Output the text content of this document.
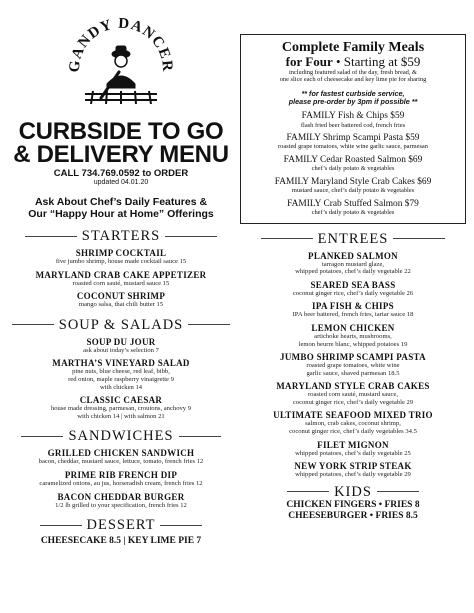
GANDY DANCER
CURBSIDE TO GO
& DELIVERY MENU
CALL 734.769.0592 to ORDER
updated 04.01.20
Ask About Chef’s Daily Features &
Our “Happy Hour at Home” Offerings
STARTERS
SHRIMP COCKTAIL
five jumbo shrimp, house made cocktail sauce 15
MARYLAND CRAB CAKE APPETIZER
roasted corn sauté, mustard sauce 15
COCONUT SHRIMP
mango salsa, thai chili butter 15
SOUP & SALADS
SOUP DU JOUR
ask about today’s selection 7
MARTHA’S VINEYARD SALAD
pine nuts, blue cheese, red leaf, bibb,
red onion, maple raspberry vinaigrette 9
with chicken 14
CLASSIC CAESAR
house made dressing, parmesan, croutons, anchovy 9
with chicken 14 | with salmon 21
SANDWICHES
GRILLED CHICKEN SANDWICH
bacon, cheddar, mustard sauce, lettuce, tomato, french fries 12
PRIME RIB FRENCH DIP
caramelized onions, au jus, horseradish cream, french fries 12
BACON CHEDDAR BURGER
1/2 lb grilled to your specification, french fries 12
DESSERT
CHEESECAKE 8.5 | KEY LIME PIE 7
Complete Family Meals
for Four • Starting at $59
including featured salad of the day, fresh bread, &
one slice each of cheesecake and key lime pie for sharing
** for fastest curbside service,
please pre-order by 3pm if possible **
FAMILY Fish & Chips $59
flash fried beer battered cod, french fries
FAMILY Shrimp Scampi Pasta $59
roasted grape tomatoes, white wine garlic sauce, parmesan
FAMILY Cedar Roasted Salmon $69
chef’s daily potato & vegetables
FAMILY Maryland Style Crab Cakes $69
mustard sauce, chef’s daily potato & vegetables
FAMILY Crab Stuffed Salmon $79
chef’s daily potato & vegetables
ENTREES
PLANKED SALMON
tarragon mustard glaze,
whipped potatoes, chef’s daily vegetable 22
SEARED SEA BASS
coconut ginger rice, chef’s daily vegetable 26
IPA FISH & CHIPS
IPA beer battered, french fries, tartar sauce 18
LEMON CHICKEN
artichoke hearts, mushrooms,
lemon beurre blanc, whipped potatoes 19
JUMBO SHRIMP SCAMPI PASTA
roasted grape tomatoes, white wine
garlic sauce, shaved parmesan 18.5
MARYLAND STYLE CRAB CAKES
roasted corn sauté, mustard sauce,
coconut ginger rice, chef’s daily vegetable 29
ULTIMATE SEAFOOD MIXED TRIO
salmon, crab cakes, coconut shrimp,
coconut ginger rice, chef’s daily vegetables 34.5
FILET MIGNON
whipped potatoes, chef’s daily vegetable 25
NEW YORK STRIP STEAK
whipped potatoes, chef’s daily vegetable 29
KIDS
CHICKEN FINGERS • FRIES 8
CHEESEBURGER • FRIES 8.5
